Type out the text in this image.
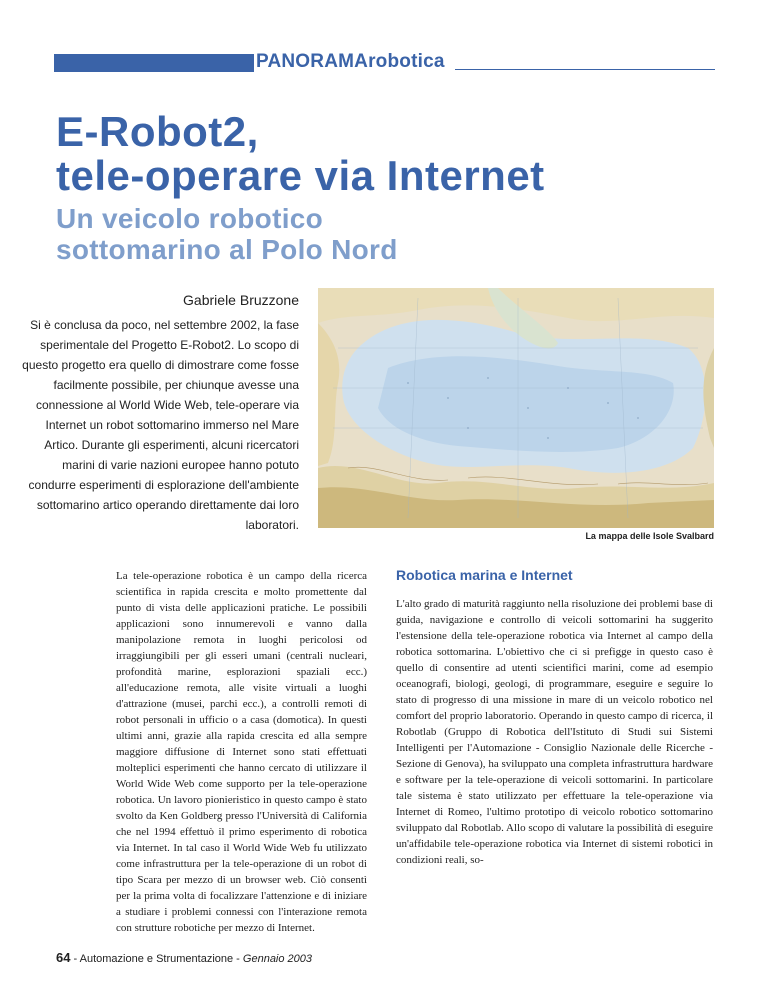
PANORAMArobotica
E-Robot2,
tele-operare via Internet
Un veicolo robotico
sottomarino al Polo Nord
Gabriele Bruzzone
Si è conclusa da poco, nel settembre 2002, la fase sperimentale del Progetto E-Robot2. Lo scopo di questo progetto era quello di dimostrare come fosse facilmente possibile, per chiunque avesse una connessione al World Wide Web, tele-operare via Internet un robot sottomarino immerso nel Mare Artico. Durante gli esperimenti, alcuni ricercatori marini di varie nazioni europee hanno potuto condurre esperimenti di esplorazione dell'ambiente sottomarino artico operando direttamente dai loro laboratori.
La mappa delle Isole Svalbard
La tele-operazione robotica è un campo della ricerca scientifica in rapida crescita e molto promettente dal punto di vista delle applicazioni pratiche. Le possibili applicazioni sono innumerevoli e vanno dalla manipolazione remota in luoghi pericolosi od irraggiungibili per gli esseri umani (centrali nucleari, profondità marine, esplorazioni spaziali ecc.) all'educazione remota, alle visite virtuali a luoghi d'attrazione (musei, parchi ecc.), a controlli remoti di robot personali in ufficio o a casa (domotica). In questi ultimi anni, grazie alla rapida crescita ed alla sempre maggiore diffusione di Internet sono stati effettuati molteplici esperimenti che hanno cercato di utilizzare il World Wide Web come supporto per la tele-operazione robotica. Un lavoro pionieristico in questo campo è stato svolto da Ken Goldberg presso l'Università di California che nel 1994 effettuò il primo esperimento di robotica via Internet. In tal caso il World Wide Web fu utilizzato come infrastruttura per la tele-operazione di un robot di tipo Scara per mezzo di un browser web. Ciò consentì per la prima volta di focalizzare l'attenzione e di iniziare a studiare i problemi connessi con l'interazione remota con strutture robotiche per mezzo di Internet.
Robotica marina e Internet
L'alto grado di maturità raggiunto nella risoluzione dei problemi base di guida, navigazione e controllo di veicoli sottomarini ha suggerito l'estensione della tele-operazione robotica via Internet al campo della robotica sottomarina. L'obiettivo che ci si prefigge in questo caso è quello di consentire ad utenti scientifici marini, come ad esempio oceanografi, biologi, geologi, di programmare, eseguire e seguire lo stato di progresso di una missione in mare di un veicolo robotico nel comfort del proprio laboratorio. Operando in questo campo di ricerca, il Robotlab (Gruppo di Robotica dell'Istituto di Studi sui Sistemi Intelligenti per l'Automazione - Consiglio Nazionale delle Ricerche - Sezione di Genova), ha sviluppato una completa infrastruttura hardware e software per la tele-operazione di veicoli sottomarini. In particolare tale sistema è stato utilizzato per effettuare la tele-operazione via Internet di Romeo, l'ultimo prototipo di veicolo robotico sottomarino sviluppato dal Robotlab. Allo scopo di valutare la possibilità di eseguire un'affidabile tele-operazione robotica via Internet di sistemi robotici in condizioni reali, so-
64 - Automazione e Strumentazione - Gennaio 2003
